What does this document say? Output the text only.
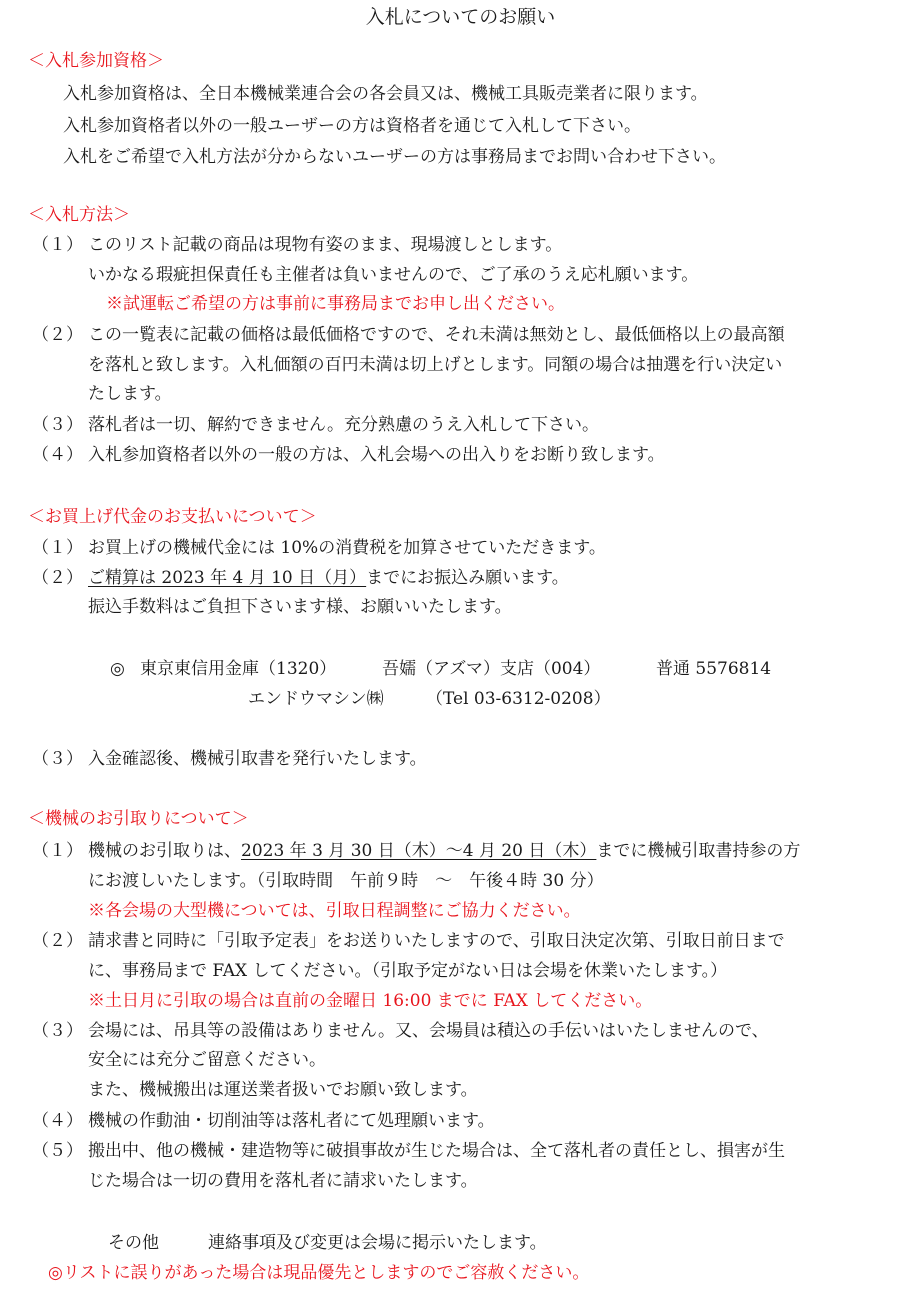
入札についてのお願い
＜入札参加資格＞
入札参加資格は、全日本機械業連合会の各会員又は、機械工具販売業者に限ります。
入札参加資格者以外の一般ユーザーの方は資格者を通じて入札して下さい。
入札をご希望で入札方法が分からないユーザーの方は事務局までお問い合わせ下さい。
＜入札方法＞
（１） このリスト記載の商品は現物有姿のまま、現場渡しとします。
いかなる瑕疵担保責任も主催者は負いませんので、ご了承のうえ応札願います。
※試運転ご希望の方は事前に事務局までお申し出ください。
（２） この一覧表に記載の価格は最低価格ですので、それ未満は無効とし、最低価格以上の最高額
を落札と致します。入札価額の百円未満は切上げとします。同額の場合は抽選を行い決定い
たします。
（３） 落札者は一切、解約できません。充分熟慮のうえ入札して下さい。
（４） 入札参加資格者以外の一般の方は、入札会場への出入りをお断り致します。
＜お買上げ代金のお支払いについて＞
（１） お買上げの機械代金には 10%の消費税を加算させていただきます。
（２） ご精算は 2023 年 4 月 10 日（月）までにお振込み願います。
振込手数料はご負担下さいます様、お願いいたします。
◎ 東京東信用金庫（1320）	吾嬬（アズマ）支店（004）	普通 5576814
エンドウマシン㈱ （Tel 03-6312-0208）
（３） 入金確認後、機械引取書を発行いたします。
＜機械のお引取りについて＞
（１） 機械のお引取りは、2023 年 3 月 30 日（木）～4 月 20 日（木）までに機械引取書持参の方
にお渡しいたします。（引取時間　午前９時　～　午後４時 30 分）
※各会場の大型機については、引取日程調整にご協力ください。
（２） 請求書と同時に「引取予定表」をお送りいたしますので、引取日決定次第、引取日前日まで
に、事務局まで FAX してください。（引取予定がない日は会場を休業いたします。）
※土日月に引取の場合は直前の金曜日 16:00 までに FAX してください。
（３） 会場には、吊具等の設備はありません。又、会場員は積込の手伝いはいたしませんので、
安全には充分ご留意ください。
また、機械搬出は運送業者扱いでお願い致します。
（４） 機械の作動油・切削油等は落札者にて処理願います。
（５） 搬出中、他の機械・建造物等に破損事故が生じた場合は、全て落札者の責任とし、損害が生
じた場合は一切の費用を落札者に請求いたします。
その他	連絡事項及び変更は会場に掲示いたします。
◎リストに誤りがあった場合は現品優先としますのでご容赦ください。
